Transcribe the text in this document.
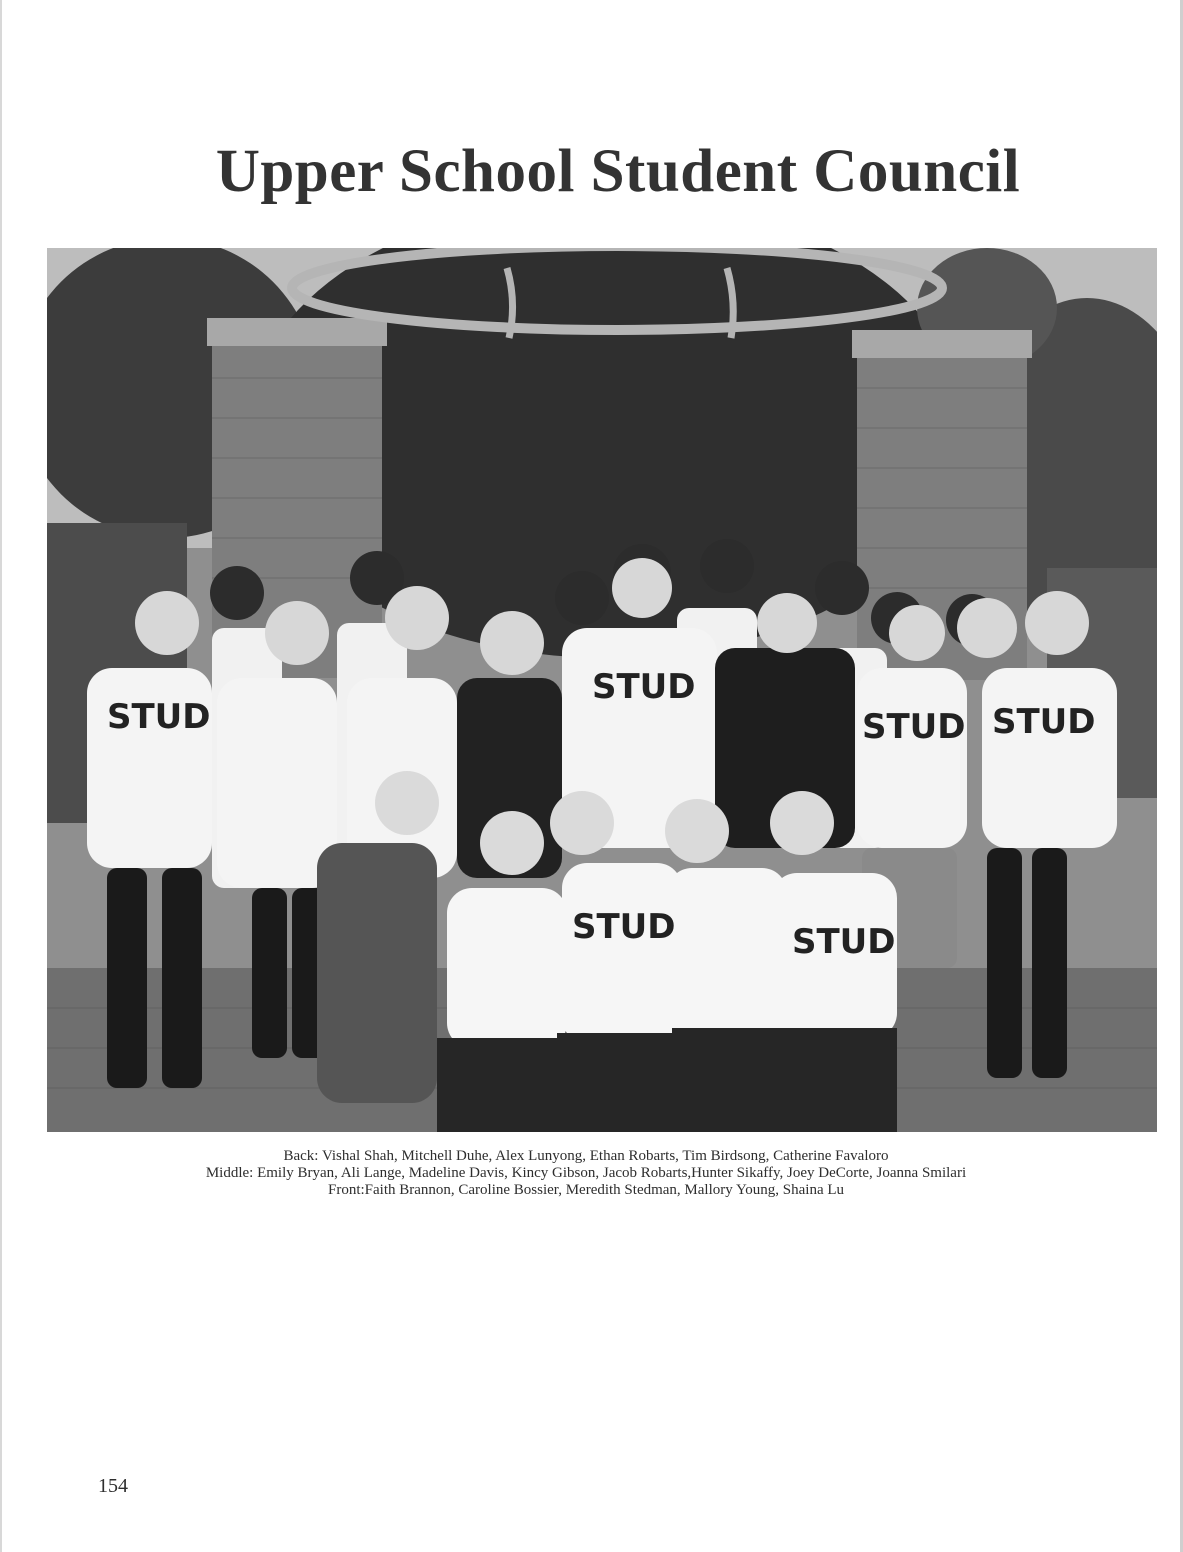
Upper School Student Council
STUD
STUD
STUD STUD
STUD	STUD
Back: Vishal Shah, Mitchell Duhe, Alex Lunyong, Ethan Robarts, Tim Birdsong, Catherine Favaloro
Middle: Emily Bryan, Ali Lange, Madeline Davis, Kincy Gibson, Jacob Robarts,Hunter Sikaffy, Joey DeCorte, Joanna Smilari
Front:Faith Brannon, Caroline Bossier, Meredith Stedman, Mallory Young, Shaina Lu
154
